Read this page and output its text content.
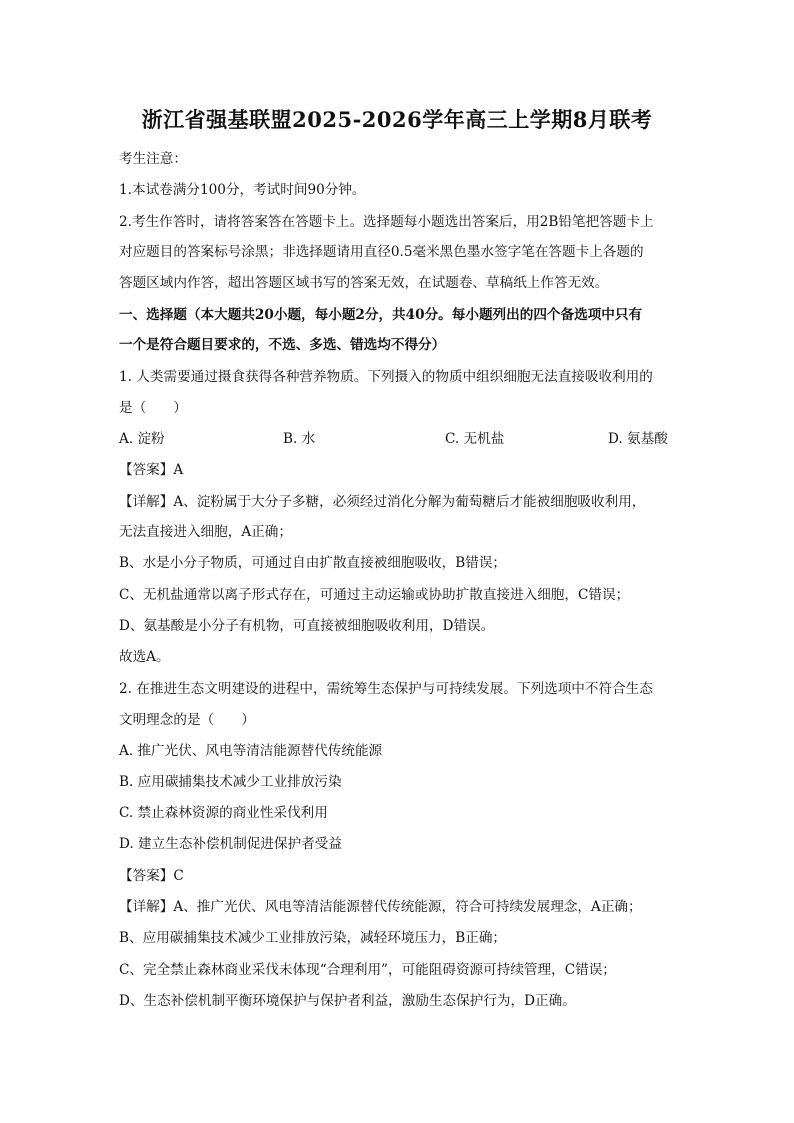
浙江省强基联盟2025-2026学年高三上学期8月联考
考生注意：
1.本试卷满分100分，考试时间90分钟。
2.考生作答时，请将答案答在答题卡上。选择题每小题选出答案后，用2B铅笔把答题卡上
对应题目的答案标号涂黑；非选择题请用直径0.5毫米黑色墨水签字笔在答题卡上各题的
答题区域内作答，超出答题区域书写的答案无效，在试题卷、草稿纸上作答无效。
一、选择题（本大题共20小题，每小题2分，共40分。每小题列出的四个备选项中只有
一个是符合题目要求的，不选、多选、错选均不得分）
1. 人类需要通过摄食获得各种营养物质。下列摄入的物质中组织细胞无法直接吸收利用的
是（　　）
A. 淀粉	B. 水	C. 无机盐	D. 氨基酸
【答案】A
【详解】A、淀粉属于大分子多糖，必须经过消化分解为葡萄糖后才能被细胞吸收利用，
无法直接进入细胞，A正确；
B、水是小分子物质，可通过自由扩散直接被细胞吸收，B错误；
C、无机盐通常以离子形式存在，可通过主动运输或协助扩散直接进入细胞，C错误；
D、氨基酸是小分子有机物，可直接被细胞吸收利用，D错误。
故选A。
2. 在推进生态文明建设的进程中，需统筹生态保护与可持续发展。下列选项中不符合生态
文明理念的是（　　）
A. 推广光伏、风电等清洁能源替代传统能源
B. 应用碳捕集技术减少工业排放污染
C. 禁止森林资源的商业性采伐利用
D. 建立生态补偿机制促进保护者受益
【答案】C
【详解】A、推广光伏、风电等清洁能源替代传统能源，符合可持续发展理念，A正确；
B、应用碳捕集技术减少工业排放污染，减轻环境压力，B正确；
C、完全禁止森林商业采伐未体现“合理利用”，可能阻碍资源可持续管理，C错误；
D、生态补偿机制平衡环境保护与保护者利益，激励生态保护行为，D正确。
